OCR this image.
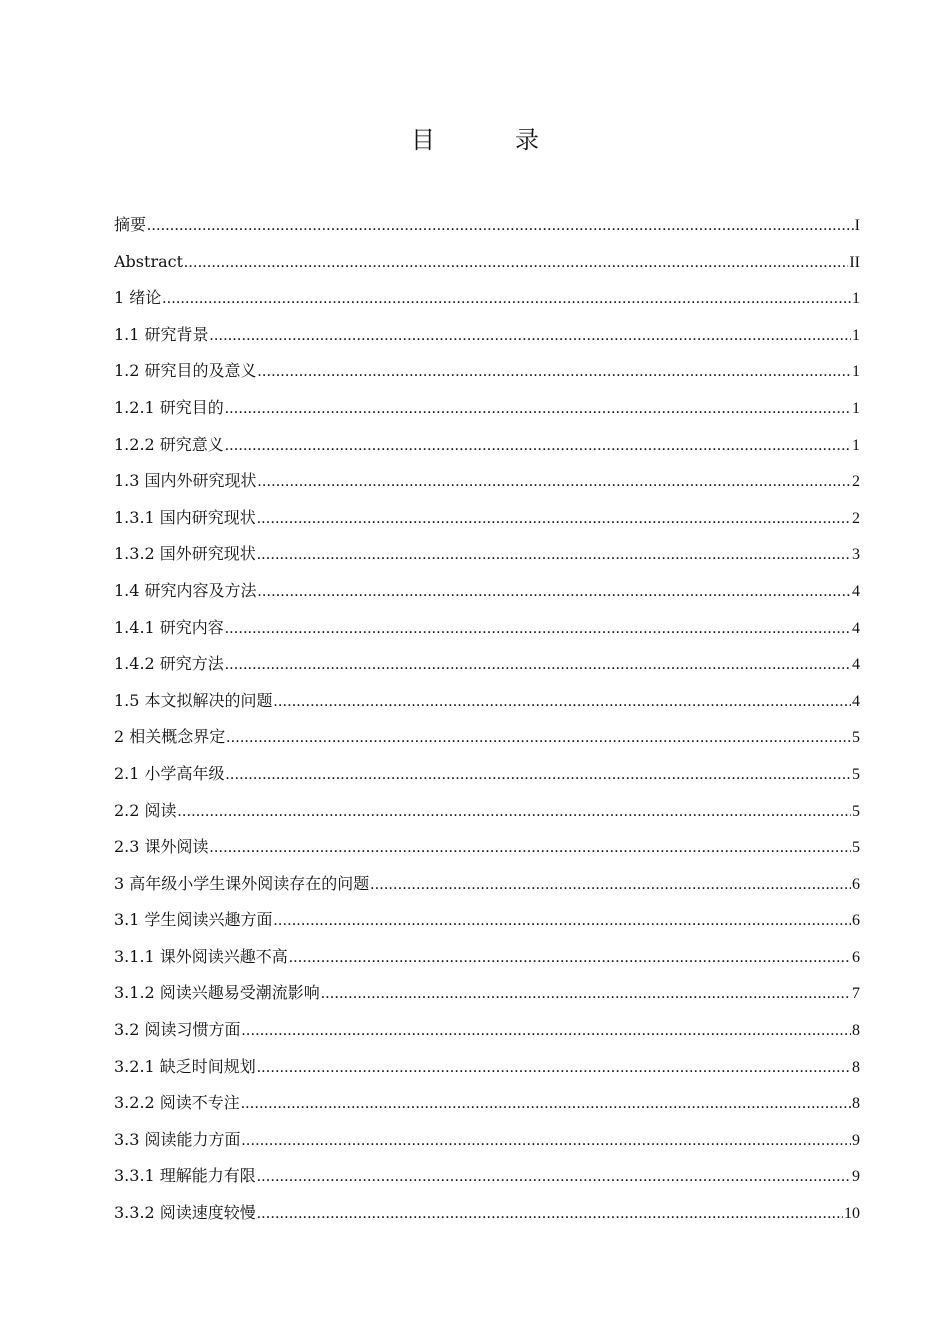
目　录
摘要 .....	I
Abstract .....	II
1 绪论 .....	1
1.1 研究背景 .....	1
1.2 研究目的及意义 .....	1
1.2.1 研究目的 .....	1
1.2.2 研究意义 .....	1
1.3 国内外研究现状 .....	2
1.3.1 国内研究现状 .....	2
1.3.2 国外研究现状 .....	3
1.4 研究内容及方法 .....	4
1.4.1 研究内容 .....	4
1.4.2 研究方法 .....	4
1.5 本文拟解决的问题 .....	4
2 相关概念界定 .....	5
2.1 小学高年级 .....	5
2.2 阅读 .....	5
2.3 课外阅读 .....	5
3 高年级小学生课外阅读存在的问题 .....	6
3.1 学生阅读兴趣方面 .....	6
3.1.1 课外阅读兴趣不高 .....	6
3.1.2 阅读兴趣易受潮流影响 .....	7
3.2 阅读习惯方面 .....	8
3.2.1 缺乏时间规划 .....	8
3.2.2 阅读不专注 .....	8
3.3 阅读能力方面 .....	9
3.3.1 理解能力有限 .....	9
3.3.2 阅读速度较慢 .....	10
